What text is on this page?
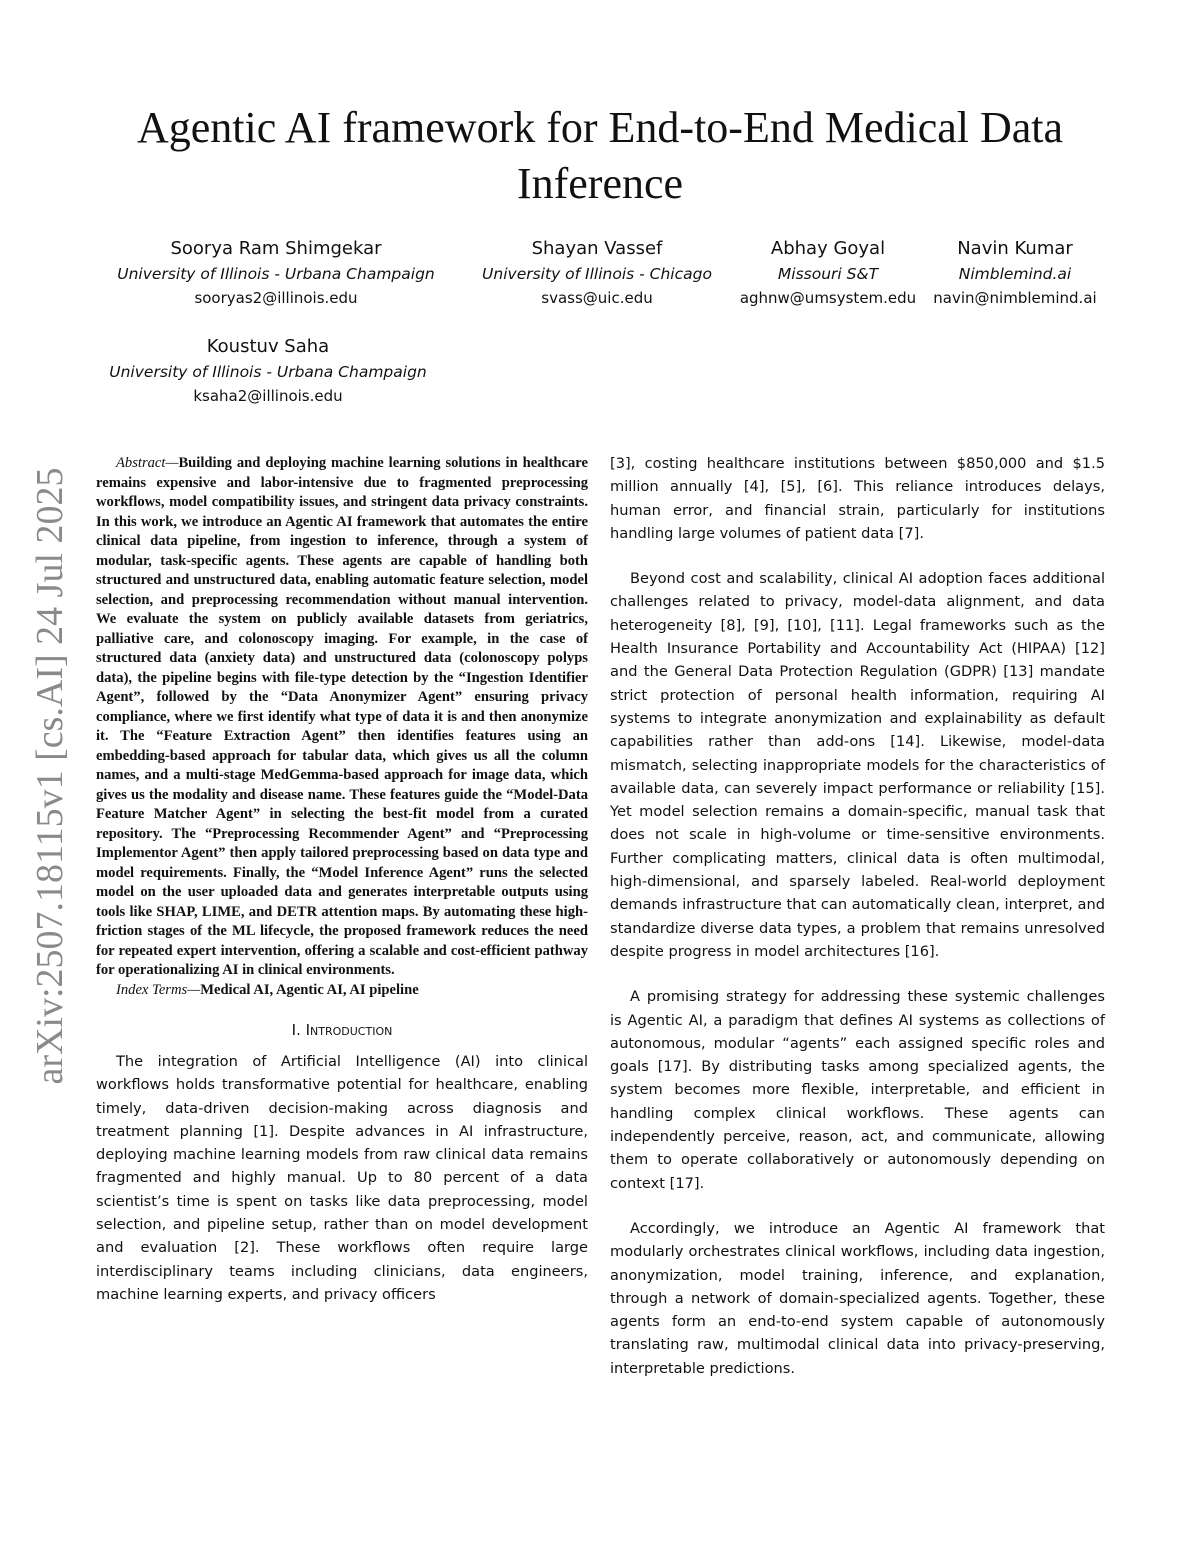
Agentic AI framework for End-to-End Medical Data Inference
Soorya Ram Shimgekar
University of Illinois - Urbana Champaign
sooryas2@illinois.edu
Shayan Vassef
University of Illinois - Chicago
svass@uic.edu
Abhay Goyal
Missouri S&T
aghnw@umsystem.edu
Navin Kumar
Nimblemind.ai
navin@nimblemind.ai
Koustuv Saha
University of Illinois - Urbana Champaign
ksaha2@illinois.edu
arXiv:2507.18115v1 [cs.AI] 24 Jul 2025

Abstract—Building and deploying machine learning solutions in healthcare remains expensive and labor-intensive due to fragmented preprocessing workflows, model compatibility issues, and stringent data privacy constraints. In this work, we introduce an Agentic AI framework that automates the entire clinical data pipeline, from ingestion to inference, through a system of modular, task-specific agents. These agents are capable of handling both structured and unstructured data, enabling automatic feature selection, model selection, and preprocessing recommendation without manual intervention. We evaluate the system on publicly available datasets from geriatrics, palliative care, and colonoscopy imaging. For example, in the case of structured data (anxiety data) and unstructured data (colonoscopy polyps data), the pipeline begins with file-type detection by the “Ingestion Identifier Agent”, followed by the “Data Anonymizer Agent” ensuring privacy compliance, where we first identify what type of data it is and then anonymize it. The “Feature Extraction Agent” then identifies features using an embedding-based approach for tabular data, which gives us all the column names, and a multi-stage MedGemma-based approach for image data, which gives us the modality and disease name. These features guide the “Model-Data Feature Matcher Agent” in selecting the best-fit model from a curated repository. The “Preprocessing Recommender Agent” and “Preprocessing Implementor Agent” then apply tailored preprocessing based on data type and model requirements. Finally, the “Model Inference Agent” runs the selected model on the user uploaded data and generates interpretable outputs using tools like SHAP, LIME, and DETR attention maps. By automating these high-friction stages of the ML lifecycle, the proposed framework reduces the need for repeated expert intervention, offering a scalable and cost-efficient pathway for operationalizing AI in clinical environments.

Index Terms—Medical AI, Agentic AI, AI pipeline

I. Introduction

The integration of Artificial Intelligence (AI) into clinical workflows holds transformative potential for healthcare, enabling timely, data-driven decision-making across diagnosis and treatment planning [1]. Despite advances in AI infrastructure, deploying machine learning models from raw clinical data remains fragmented and highly manual. Up to 80 percent of a data scientist’s time is spent on tasks like data preprocessing, model selection, and pipeline setup, rather than on model development and evaluation [2]. These workflows often require large interdisciplinary teams including clinicians, data engineers, machine learning experts, and privacy officers

[3], costing healthcare institutions between $850,000 and $1.5 million annually [4], [5], [6]. This reliance introduces delays, human error, and financial strain, particularly for institutions handling large volumes of patient data [7].

Beyond cost and scalability, clinical AI adoption faces additional challenges related to privacy, model-data alignment, and data heterogeneity [8], [9], [10], [11]. Legal frameworks such as the Health Insurance Portability and Accountability Act (HIPAA) [12] and the General Data Protection Regulation (GDPR) [13] mandate strict protection of personal health information, requiring AI systems to integrate anonymization and explainability as default capabilities rather than add-ons [14]. Likewise, model-data mismatch, selecting inappropriate models for the characteristics of available data, can severely impact performance or reliability [15]. Yet model selection remains a domain-specific, manual task that does not scale in high-volume or time-sensitive environments. Further complicating matters, clinical data is often multimodal, high-dimensional, and sparsely labeled. Real-world deployment demands infrastructure that can automatically clean, interpret, and standardize diverse data types, a problem that remains unresolved despite progress in model architectures [16].

A promising strategy for addressing these systemic challenges is Agentic AI, a paradigm that defines AI systems as collections of autonomous, modular “agents” each assigned specific roles and goals [17]. By distributing tasks among specialized agents, the system becomes more flexible, interpretable, and efficient in handling complex clinical workflows. These agents can independently perceive, reason, act, and communicate, allowing them to operate collaboratively or autonomously depending on context [17].

Accordingly, we introduce an Agentic AI framework that modularly orchestrates clinical workflows, including data ingestion, anonymization, model training, inference, and explanation, through a network of domain-specialized agents. Together, these agents form an end-to-end system capable of autonomously translating raw, multimodal clinical data into privacy-preserving, interpretable predictions.
